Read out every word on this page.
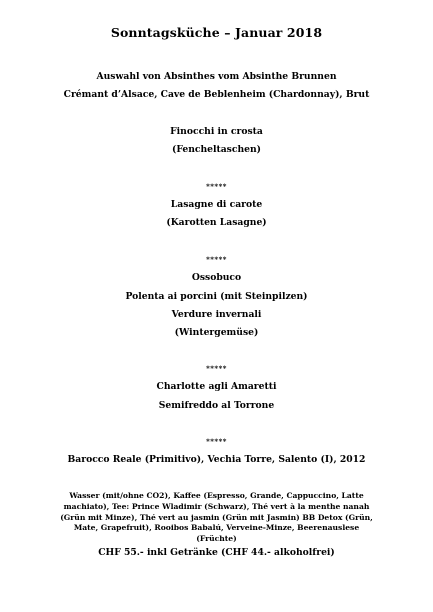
Sonntagsküche – Januar 2018
Auswahl von Absinthes vom Absinthe Brunnen
Crémant d’Alsace, Cave de Beblenheim (Chardonnay), Brut
Finocchi in crosta
(Fencheltaschen)
*****
Lasagne di carote
(Karotten Lasagne)
*****
Ossobuco
Polenta ai porcini (mit Steinpilzen)
Verdure invernali
(Wintergemüse)
*****
Charlotte agli Amaretti
Semifreddo al Torrone
*****
Barocco Reale (Primitivo), Vechia Torre, Salento (I), 2012
Wasser (mit/ohne CO2), Kaffee (Espresso, Grande, Cappuccino, Latte machiato), Tee: Prince Wladimir (Schwarz), Thé vert à la menthe nanah (Grün mit Minze), Thé vert au jasmin (Grün mit Jasmin) BB Detox (Grün, Mate, Grapefruit), Rooibos Babalú, Verveine-Minze, Beerenauslese (Früchte)
CHF 55.- inkl Getränke (CHF 44.- alkoholfrei)
